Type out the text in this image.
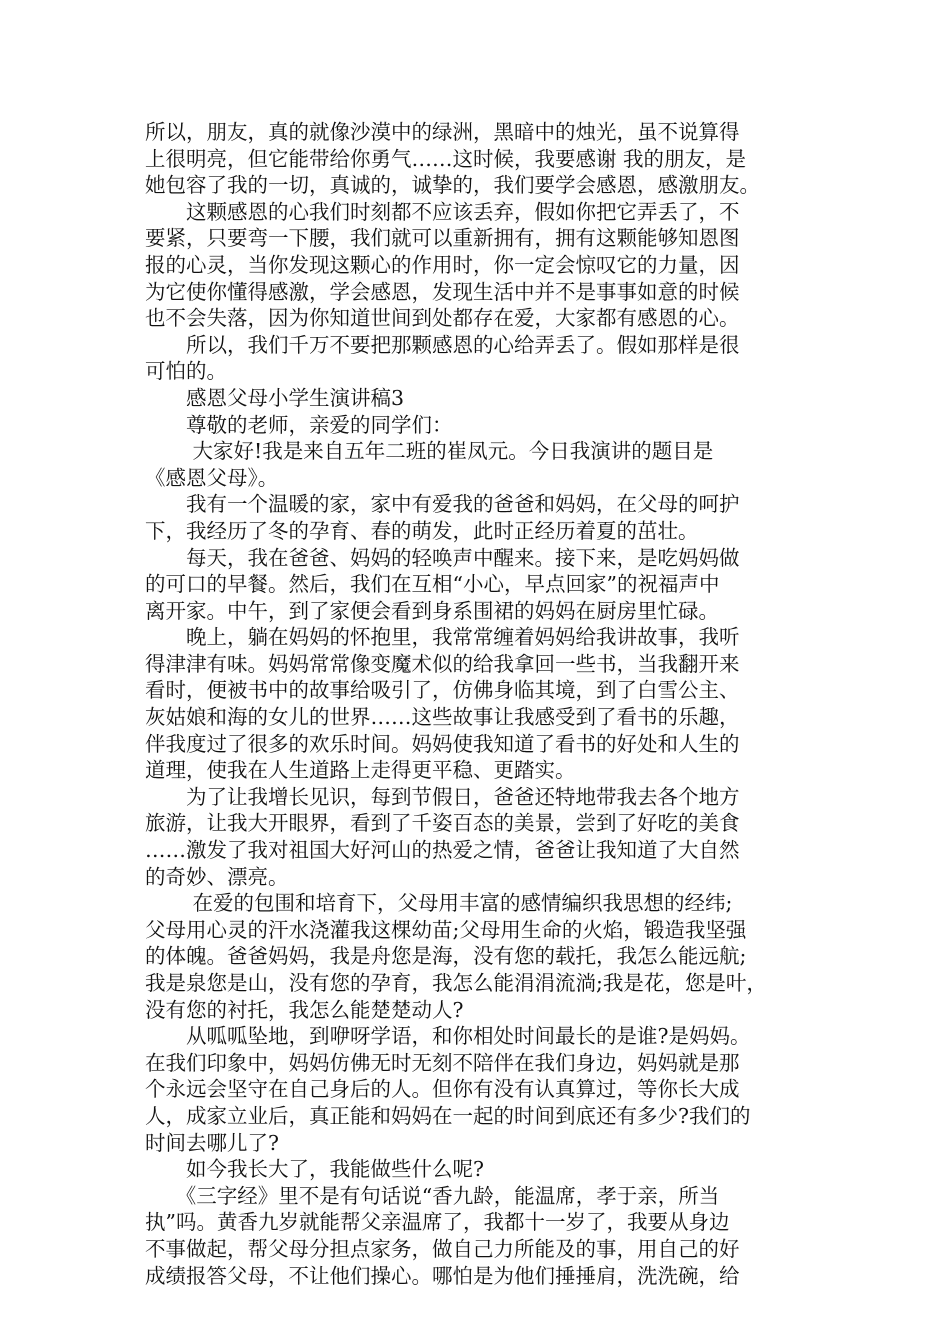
所以，朋友，真的就像沙漠中的绿洲，黑暗中的烛光，虽不说算得
上很明亮，但它能带给你勇气……这时候，我要感谢 我的朋友，是
她包容了我的一切，真诚的，诚挚的，我们要学会感恩，感激朋友。
　　这颗感恩的心我们时刻都不应该丢弃，假如你把它弄丢了，不
要紧，只要弯一下腰，我们就可以重新拥有，拥有这颗能够知恩图
报的心灵，当你发现这颗心的作用时，你一定会惊叹它的力量，因
为它使你懂得感激，学会感恩，发现生活中并不是事事如意的时候
也不会失落，因为你知道世间到处都存在爱，大家都有感恩的心。
　　所以，我们千万不要把那颗感恩的心给弄丢了。假如那样是很
可怕的。
　　感恩父母小学生演讲稿3
　　尊敬的老师，亲爱的同学们：
　　 大家好!我是来自五年二班的崔凤元。今日我演讲的题目是
《感恩父母》。
　　我有一个温暖的家，家中有爱我的爸爸和妈妈，在父母的呵护
下，我经历了冬的孕育、春的萌发，此时正经历着夏的茁壮。
　　每天，我在爸爸、妈妈的轻唤声中醒来。接下来，是吃妈妈做
的可口的早餐。然后，我们在互相“小心，早点回家”的祝福声中
离开家。中午，到了家便会看到身系围裙的妈妈在厨房里忙碌。
　　晚上，躺在妈妈的怀抱里，我常常缠着妈妈给我讲故事，我听
得津津有味。妈妈常常像变魔术似的给我拿回一些书，当我翻开来
看时，便被书中的故事给吸引了，仿佛身临其境，到了白雪公主、
灰姑娘和海的女儿的世界……这些故事让我感受到了看书的乐趣，
伴我度过了很多的欢乐时间。妈妈使我知道了看书的好处和人生的
道理，使我在人生道路上走得更平稳、更踏实。
　　为了让我增长见识，每到节假日，爸爸还特地带我去各个地方
旅游，让我大开眼界，看到了千姿百态的美景，尝到了好吃的美食
……激发了我对祖国大好河山的热爱之情，爸爸让我知道了大自然
的奇妙、漂亮。
　　 在爱的包围和培育下，父母用丰富的感情编织我思想的经纬;
父母用心灵的汗水浇灌我这棵幼苗;父母用生命的火焰，锻造我坚强
的体魄。爸爸妈妈，我是舟您是海，没有您的载托，我怎么能远航;
我是泉您是山，没有您的孕育，我怎么能涓涓流淌;我是花，您是叶，
没有您的衬托，我怎么能楚楚动人?
　　从呱呱坠地，到咿呀学语，和你相处时间最长的是谁?是妈妈。
在我们印象中，妈妈仿佛无时无刻不陪伴在我们身边，妈妈就是那
个永远会坚守在自己身后的人。但你有没有认真算过，等你长大成
人，成家立业后，真正能和妈妈在一起的时间到底还有多少?我们的
时间去哪儿了?
　　如今我长大了，我能做些什么呢?
　　《三字经》里不是有句话说“香九龄，能温席，孝于亲，所当
执”吗。黄香九岁就能帮父亲温席了，我都十一岁了，我要从身边
不事做起，帮父母分担点家务，做自己力所能及的事，用自己的好
成绩报答父母，不让他们操心。哪怕是为他们捶捶肩，洗洗碗，给
